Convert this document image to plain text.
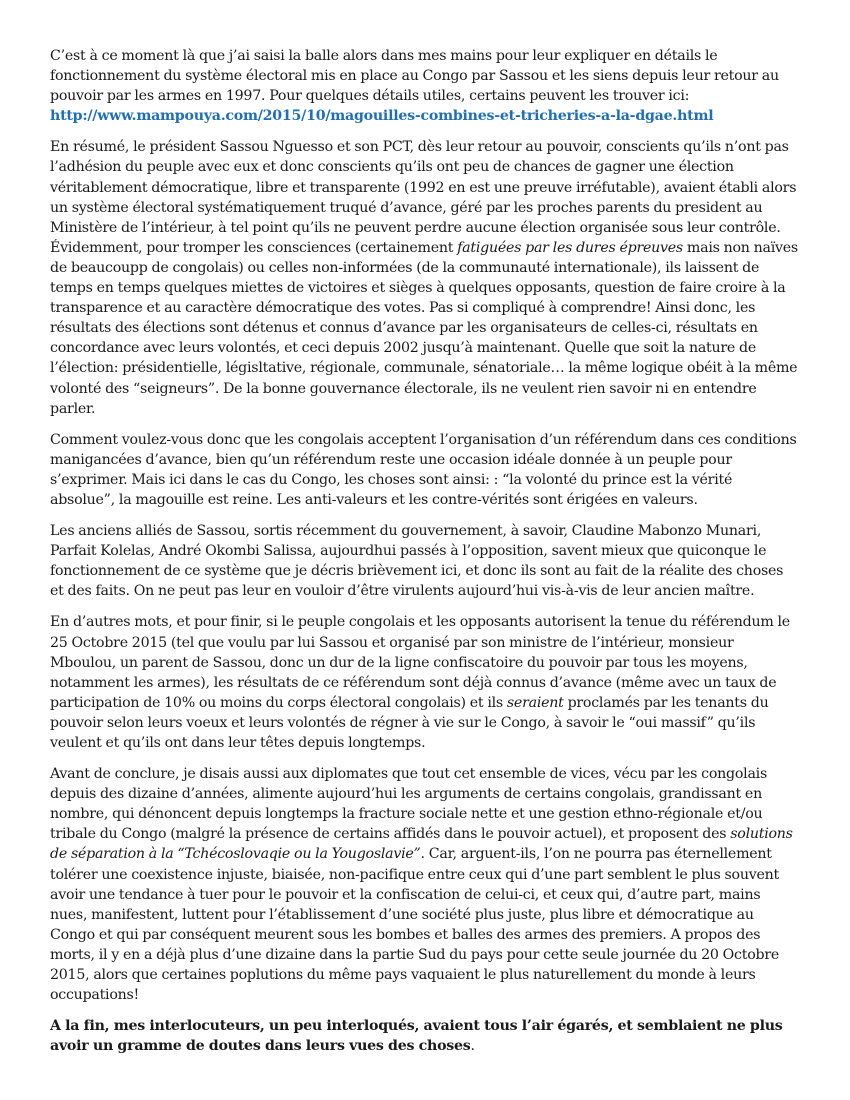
C’est à ce moment là que j’ai saisi la balle alors dans mes mains pour leur expliquer en détails le fonctionnement du système électoral mis en place au Congo par Sassou et les siens depuis leur retour au pouvoir par les armes en 1997. Pour quelques détails utiles, certains peuvent les trouver ici:
http://www.mampouya.com/2015/10/magouilles-combines-et-tricheries-a-la-dgae.html

En résumé, le président Sassou Nguesso et son PCT, dès leur retour au pouvoir, conscients qu’ils n’ont pas l’adhésion du peuple avec eux et donc conscients qu’ils ont peu de chances de gagner une élection véritablement démocratique, libre et transparente (1992 en est une preuve irréfutable), avaient établi alors un système électoral systématiquement truqué d’avance, géré par les proches parents du president au Ministère de l’intérieur, à tel point qu’ils ne peuvent perdre aucune élection organisée sous leur contrôle. Évidemment, pour tromper les consciences (certainement fatiguées par les dures épreuves mais non naïves de beaucoupp de congolais) ou celles non-informées (de la communauté internationale), ils laissent de temps en temps quelques miettes de victoires et sièges à quelques opposants, question de faire croire à la transparence et au caractère démocratique des votes. Pas si compliqué à comprendre! Ainsi donc, les résultats des élections sont détenus et connus d’avance par les organisateurs de celles-ci, résultats en concordance avec leurs volontés, et ceci depuis 2002 jusqu’à maintenant. Quelle que soit la nature de l’élection: présidentielle, législtative, régionale, communale, sénatoriale… la même logique obéit à la même volonté des “seigneurs”. De la bonne gouvernance électorale, ils ne veulent rien savoir ni en entendre parler.

Comment voulez-vous donc que les congolais acceptent l’organisation d’un référendum dans ces conditions manigancées d’avance, bien qu’un référendum reste une occasion idéale donnée à un peuple pour s’exprimer. Mais ici dans le cas du Congo, les choses sont ainsi: : “la volonté du prince est la vérité absolue”, la magouille est reine. Les anti-valeurs et les contre-vérités sont érigées en valeurs.

Les anciens alliés de Sassou, sortis récemment du gouvernement, à savoir, Claudine Mabonzo Munari, Parfait Kolelas, André Okombi Salissa, aujourdhui passés à l’opposition, savent mieux que quiconque le fonctionnement de ce système que je décris brièvement ici, et donc ils sont au fait de la réalite des choses et des faits. On ne peut pas leur en vouloir d’être virulents aujourd’hui vis-à-vis de leur ancien maître.

En d’autres mots, et pour finir, si le peuple congolais et les opposants autorisent la tenue du référendum le 25 Octobre 2015 (tel que voulu par lui Sassou et organisé par son ministre de l’intérieur, monsieur Mboulou, un parent de Sassou, donc un dur de la ligne confiscatoire du pouvoir par tous les moyens, notamment les armes), les résultats de ce référendum sont déjà connus d’avance (même avec un taux de participation de 10% ou moins du corps électoral congolais) et ils seraient proclamés par les tenants du pouvoir selon leurs voeux et leurs volontés de régner à vie sur le Congo, à savoir le “oui massif” qu’ils veulent et qu’ils ont dans leur têtes depuis longtemps.

Avant de conclure, je disais aussi aux diplomates que tout cet ensemble de vices, vécu par les congolais depuis des dizaine d’années, alimente aujourd’hui les arguments de certains congolais, grandissant en nombre, qui dénoncent depuis longtemps la fracture sociale nette et une gestion ethno-régionale et/ou tribale du Congo (malgré la présence de certains affidés dans le pouvoir actuel), et proposent des solutions de séparation à la “Tchécoslovaqie ou la Yougoslavie”. Car, arguent-ils, l’on ne pourra pas éternellement tolérer une coexistence injuste, biaisée, non-pacifique entre ceux qui d’une part semblent le plus souvent avoir une tendance à tuer pour le pouvoir et la confiscation de celui-ci, et ceux qui, d’autre part, mains nues, manifestent, luttent pour l’établissement d’une société plus juste, plus libre et démocratique au Congo et qui par conséquent meurent sous les bombes et balles des armes des premiers. A propos des morts, il y en a déjà plus d’une dizaine dans la partie Sud du pays pour cette seule journée du 20 Octobre 2015, alors que certaines poplutions du même pays vaquaient le plus naturellement du monde à leurs occupations!

A la fin, mes interlocuteurs, un peu interloqués, avaient tous l’air égarés, et semblaient ne plus avoir un gramme de doutes dans leurs vues des choses.
